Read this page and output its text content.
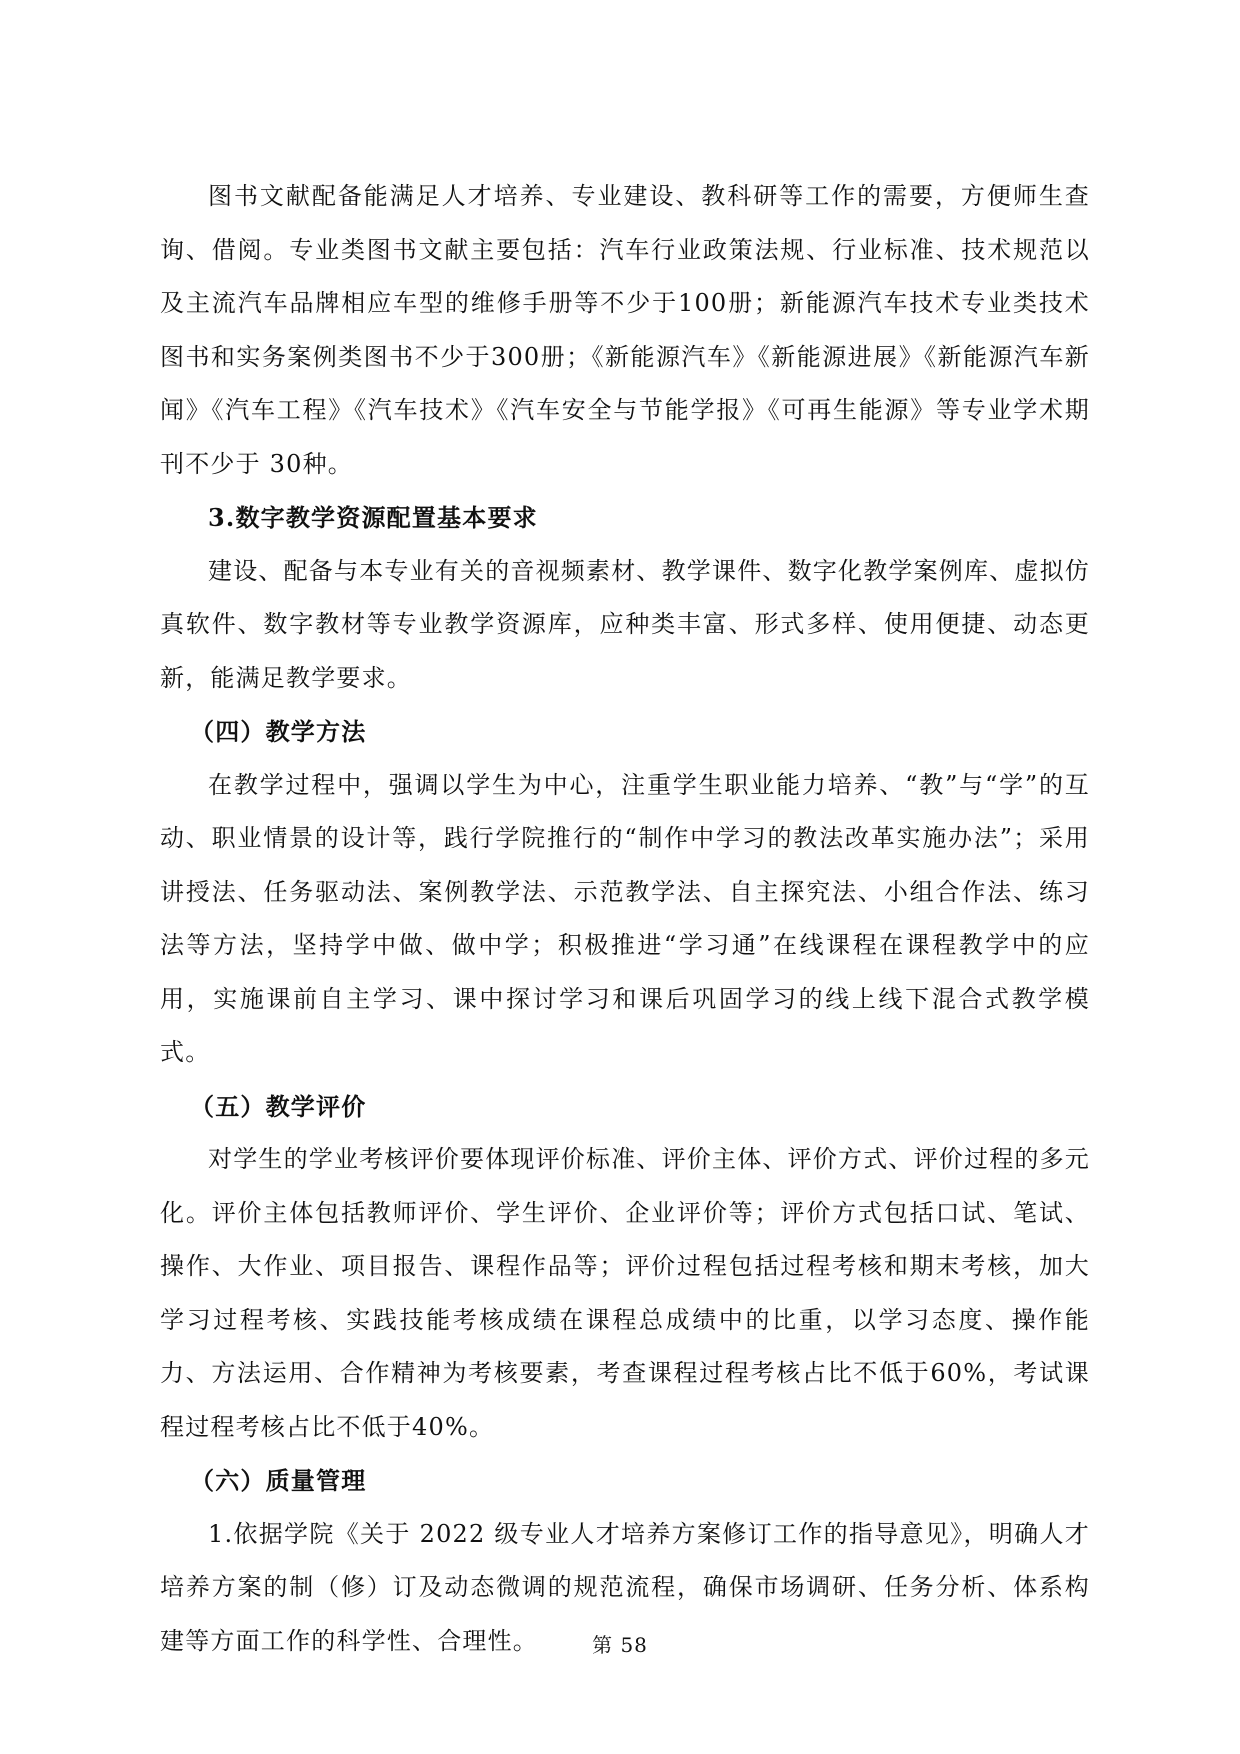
图书文献配备能满足人才培养、专业建设、教科研等工作的需要，方便师生查询、借阅。专业类图书文献主要包括：汽车行业政策法规、行业标准、技术规范以及主流汽车品牌相应车型的维修手册等不少于100册；新能源汽车技术专业类技术图书和实务案例类图书不少于300册；《新能源汽车》《新能源进展》《新能源汽车新闻》《汽车工程》《汽车技术》《汽车安全与节能学报》《可再生能源》等专业学术期刊不少于 30种。

3.数字教学资源配置基本要求

建设、配备与本专业有关的音视频素材、教学课件、数字化教学案例库、虚拟仿真软件、数字教材等专业教学资源库，应种类丰富、形式多样、使用便捷、动态更新，能满足教学要求。

（四）教学方法

在教学过程中，强调以学生为中心，注重学生职业能力培养、“教”与“学”的互动、职业情景的设计等，践行学院推行的“制作中学习的教法改革实施办法”；采用讲授法、任务驱动法、案例教学法、示范教学法、自主探究法、小组合作法、练习法等方法，坚持学中做、做中学；积极推进“学习通”在线课程在课程教学中的应用，实施课前自主学习、课中探讨学习和课后巩固学习的线上线下混合式教学模式。

（五）教学评价

对学生的学业考核评价要体现评价标准、评价主体、评价方式、评价过程的多元化。评价主体包括教师评价、学生评价、企业评价等；评价方式包括口试、笔试、操作、大作业、项目报告、课程作品等；评价过程包括过程考核和期末考核，加大学习过程考核、实践技能考核成绩在课程总成绩中的比重，以学习态度、操作能力、方法运用、合作精神为考核要素，考查课程过程考核占比不低于60%，考试课程过程考核占比不低于40%。

（六）质量管理

1.依据学院《关于 2022 级专业人才培养方案修订工作的指导意见》，明确人才培养方案的制（修）订及动态微调的规范流程，确保市场调研、任务分析、体系构建等方面工作的科学性、合理性。	第 58
